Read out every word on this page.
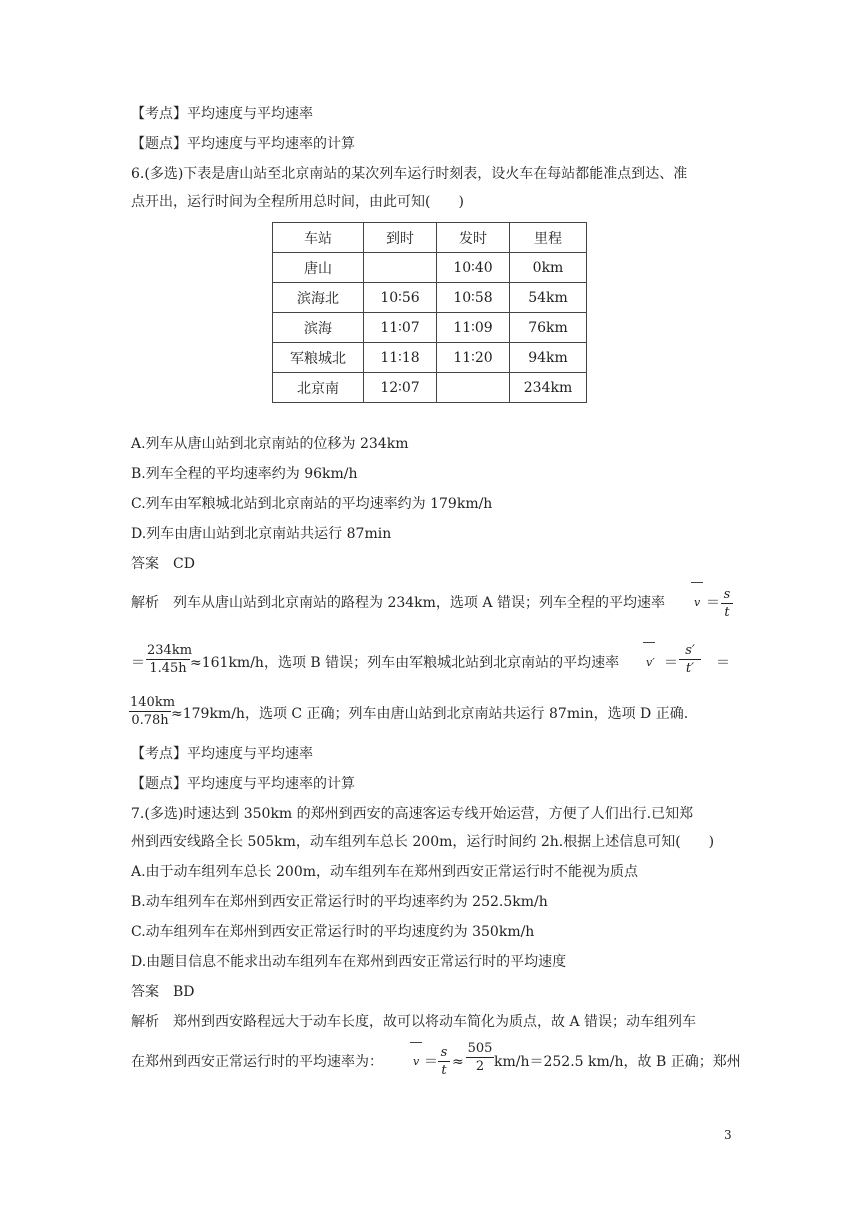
【考点】平均速度与平均速率
【题点】平均速度与平均速率的计算
6.(多选)下表是唐山站至北京南站的某次列车运行时刻表，设火车在每站都能准点到达、准
点开出，运行时间为全程所用总时间，由此可知(　　)
车站	到时	发时	里程
唐山		10∶40	0km
滨海北	10∶56	10∶58	54km
滨海	11∶07	11∶09	76km
军粮城北	11∶18	11∶20	94km
北京南	12∶07		234km
A.列车从唐山站到北京南站的位移为 234km
B.列车全程的平均速率约为 96km/h
C.列车由军粮城北站到北京南站的平均速率约为 179km/h
D.列车由唐山站到北京南站共运行 87min
答案　CD
解析　列车从唐山站到北京南站的路程为 234km，选项 A 错误；列车全程的平均速率	$v = \frac{s}{t}$
＝ $\frac{234km}{1.45h} \approx 161km/h$，选项 B 错误；列车由军粮城北站到北京南站的平均速率 $v' = \frac{s'}{t'}$ ＝
$\frac{140km}{0.78h} \approx 179km/h$，选项 C 正确；列车由唐山站到北京南站共运行 87min，选项 D 正确.
【考点】平均速度与平均速率
【题点】平均速度与平均速率的计算
7.(多选)时速达到 350km 的郑州到西安的高速客运专线开始运营，方便了人们出行.已知郑
州到西安线路全长 505km，动车组列车总长 200m，运行时间约 2h.根据上述信息可知(　　)
A.由于动车组列车总长 200m，动车组列车在郑州到西安正常运行时不能视为质点
B.动车组列车在郑州到西安正常运行时的平均速率约为 252.5km/h
C.动车组列车在郑州到西安正常运行时的平均速度约为 350km/h
D.由题目信息不能求出动车组列车在郑州到西安正常运行时的平均速度
答案　BD
解析　郑州到西安路程远大于动车长度，故可以将动车简化为质点，故 A 错误；动车组列车
在郑州到西安正常运行时的平均速率为：	$v = \frac{s}{t} \approx \frac{505}{2} km/h=252.5$ km/h，故 B 正确；郑州
3
